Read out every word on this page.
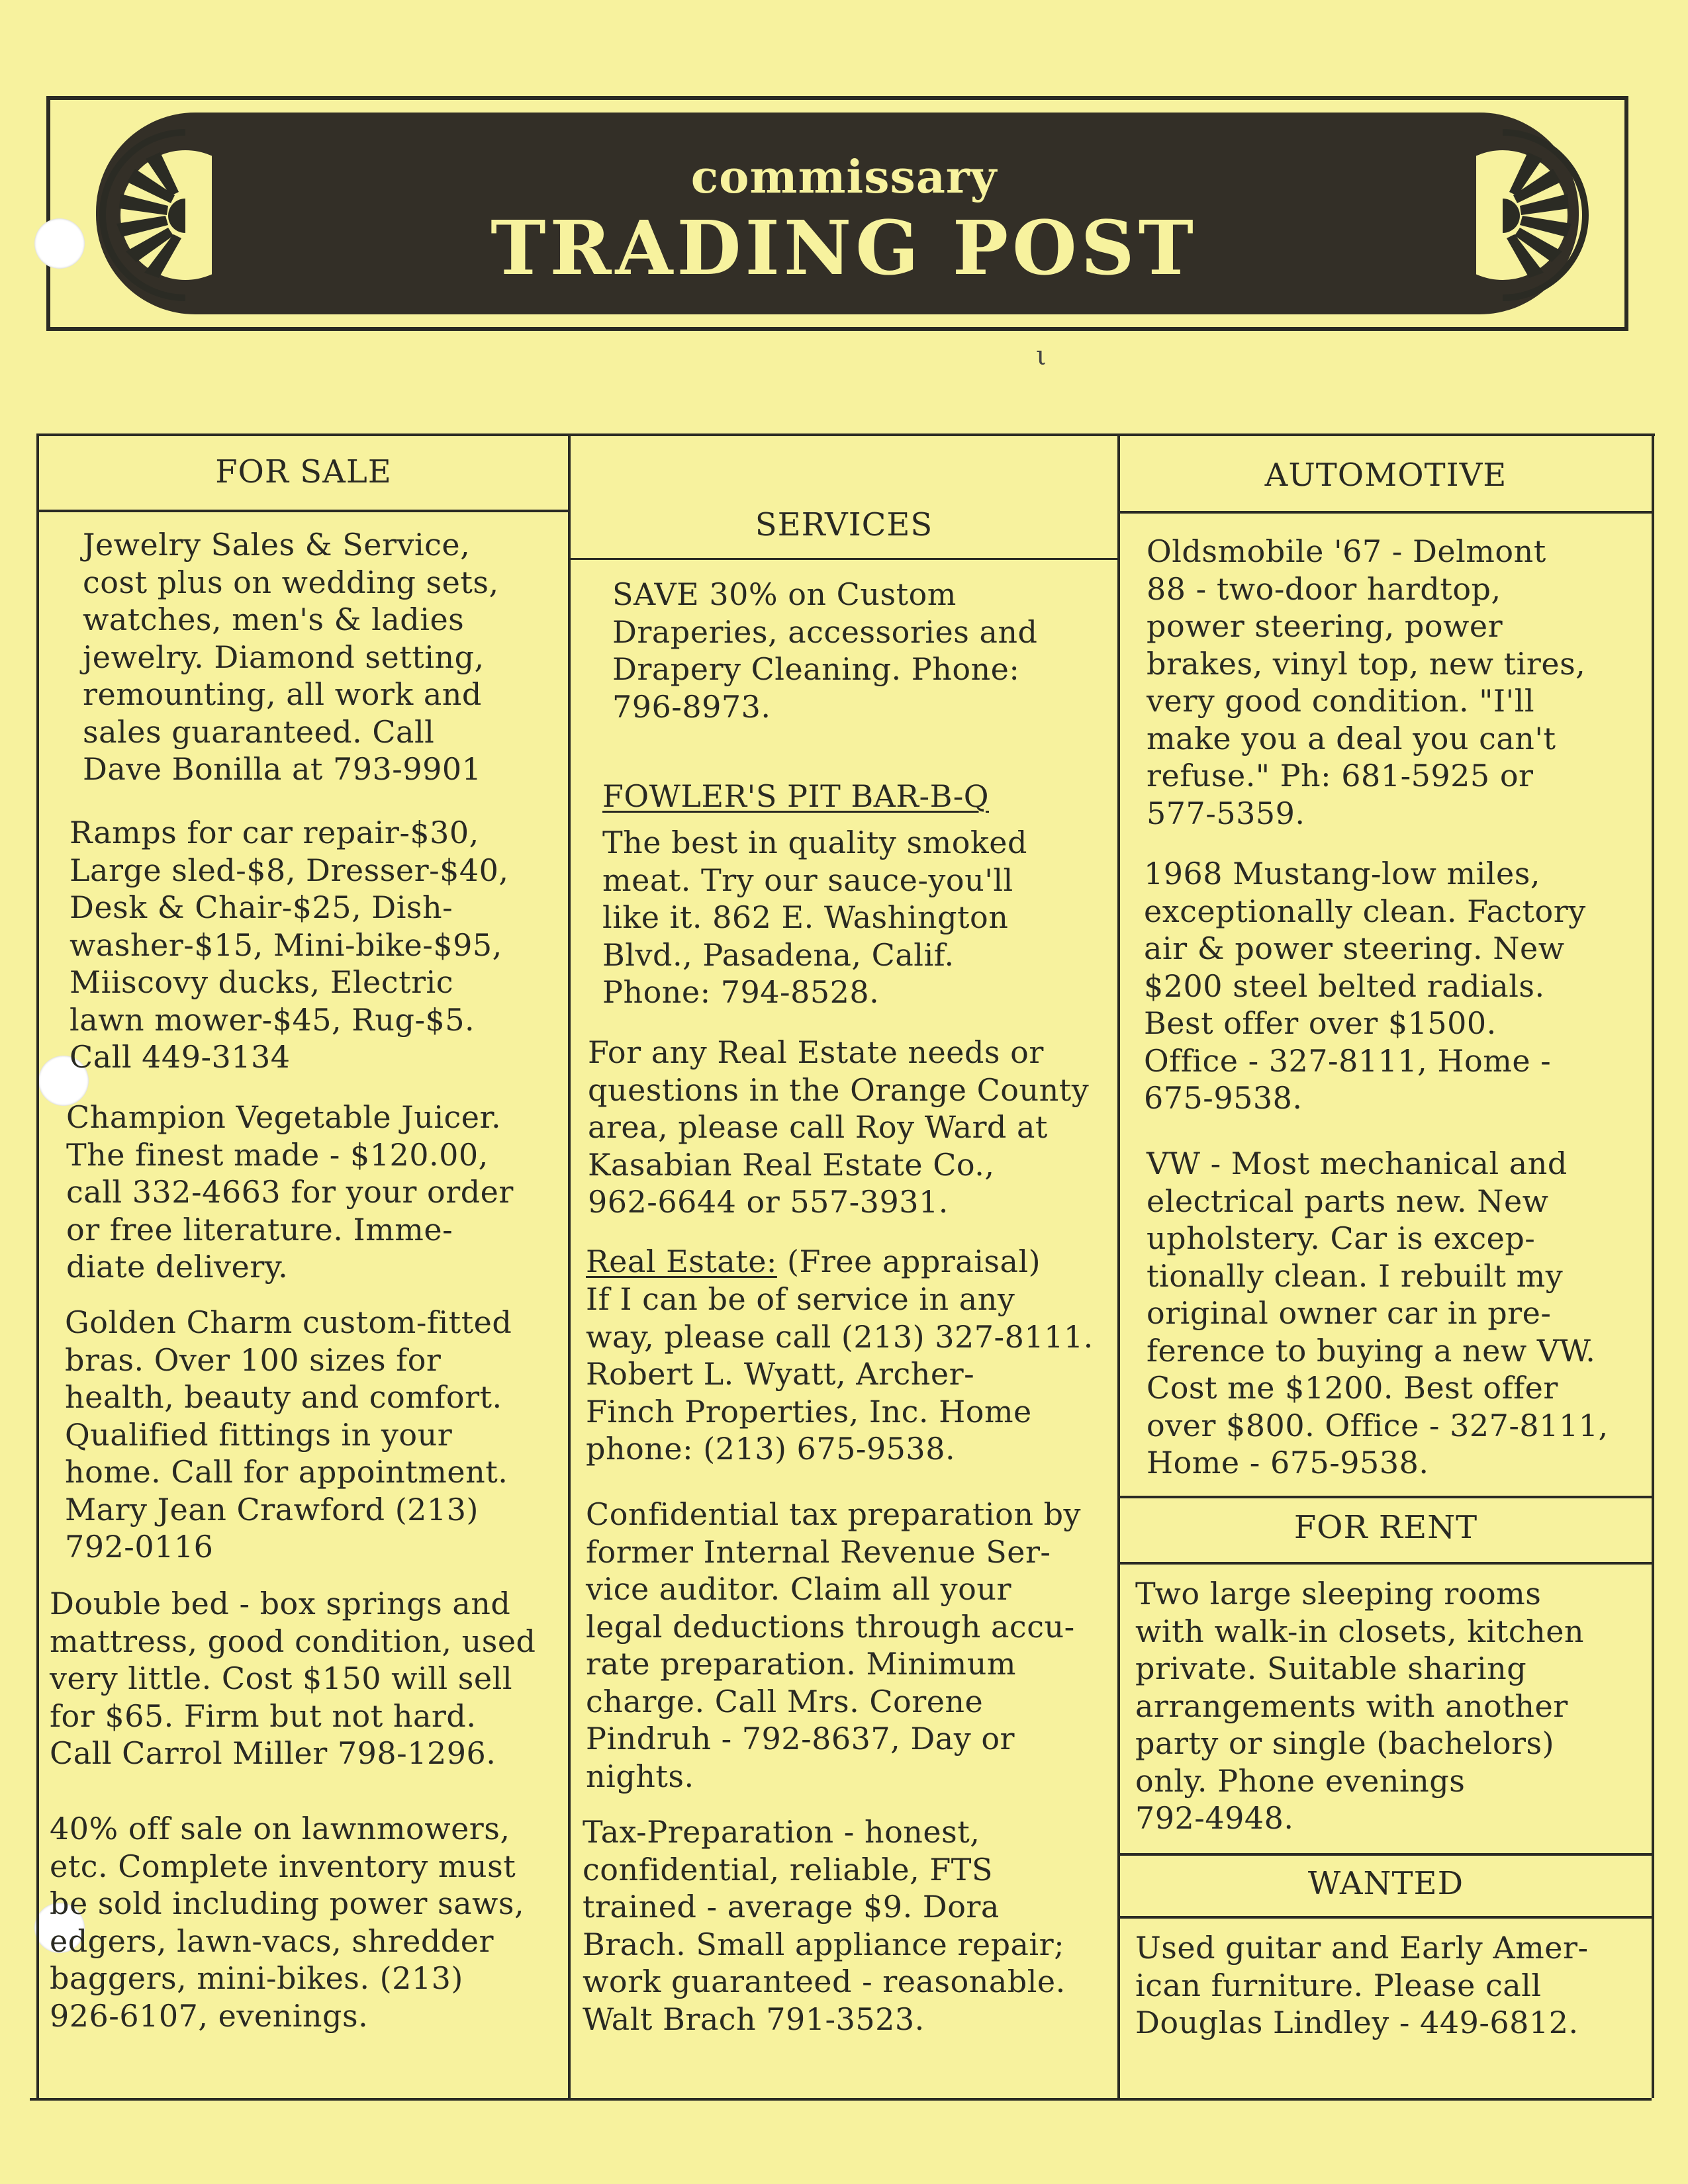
commissary
TRADING POST
ι
FOR SALE
SERVICES
AUTOMOTIVE
FOR RENT
WANTED
Jewelry Sales & Service,
cost plus on wedding sets,
watches, men's & ladies
jewelry. Diamond setting,
remounting, all work and
sales guaranteed. Call
Dave Bonilla at 793-9901
Ramps for car repair-$30,
Large sled-$8, Dresser-$40,
Desk & Chair-$25, Dish-
washer-$15, Mini-bike-$95,
Miiscovy ducks, Electric
lawn mower-$45, Rug-$5.
Call 449-3134
Champion Vegetable Juicer.
The finest made - $120.00,
call 332-4663 for your order
or free literature. Imme-
diate delivery.
Golden Charm custom-fitted
bras. Over 100 sizes for
health, beauty and comfort.
Qualified fittings in your
home. Call for appointment.
Mary Jean Crawford (213)
792-0116
Double bed - box springs and
mattress, good condition, used
very little. Cost $150 will sell
for $65. Firm but not hard.
Call Carrol Miller 798-1296.
40% off sale on lawnmowers,
etc. Complete inventory must
be sold including power saws,
edgers, lawn-vacs, shredder
baggers, mini-bikes. (213)
926-6107, evenings.
SAVE 30% on Custom
Draperies, accessories and
Drapery Cleaning. Phone:
796-8973.
FOWLER'S PIT BAR-B-Q
The best in quality smoked
meat. Try our sauce-you'll
like it. 862 E. Washington
Blvd., Pasadena, Calif.
Phone: 794-8528.
For any Real Estate needs or
questions in the Orange County
area, please call Roy Ward at
Kasabian Real Estate Co.,
962-6644 or 557-3931.
Real Estate: (Free appraisal)
If I can be of service in any
way, please call (213) 327-8111.
Robert L. Wyatt, Archer-
Finch Properties, Inc. Home
phone: (213) 675-9538.
Confidential tax preparation by
former Internal Revenue Ser-
vice auditor. Claim all your
legal deductions through accu-
rate preparation. Minimum
charge. Call Mrs. Corene
Pindruh - 792-8637, Day or
nights.
Tax-Preparation - honest,
confidential, reliable, FTS
trained - average $9. Dora
Brach. Small appliance repair;
work guaranteed - reasonable.
Walt Brach 791-3523.
Oldsmobile '67 - Delmont
88 - two-door hardtop,
power steering, power
brakes, vinyl top, new tires,
very good condition. "I'll
make you a deal you can't
refuse." Ph: 681-5925 or
577-5359.
1968 Mustang-low miles,
exceptionally clean. Factory
air & power steering. New
$200 steel belted radials.
Best offer over $1500.
Office - 327-8111, Home -
675-9538.
VW - Most mechanical and
electrical parts new. New
upholstery. Car is excep-
tionally clean. I rebuilt my
original owner car in pre-
ference to buying a new VW.
Cost me $1200. Best offer
over $800. Office - 327-8111,
Home - 675-9538.
Two large sleeping rooms
with walk-in closets, kitchen
private. Suitable sharing
arrangements with another
party or single (bachelors)
only. Phone evenings
792-4948.
Used guitar and Early Amer-
ican furniture. Please call
Douglas Lindley - 449-6812.
